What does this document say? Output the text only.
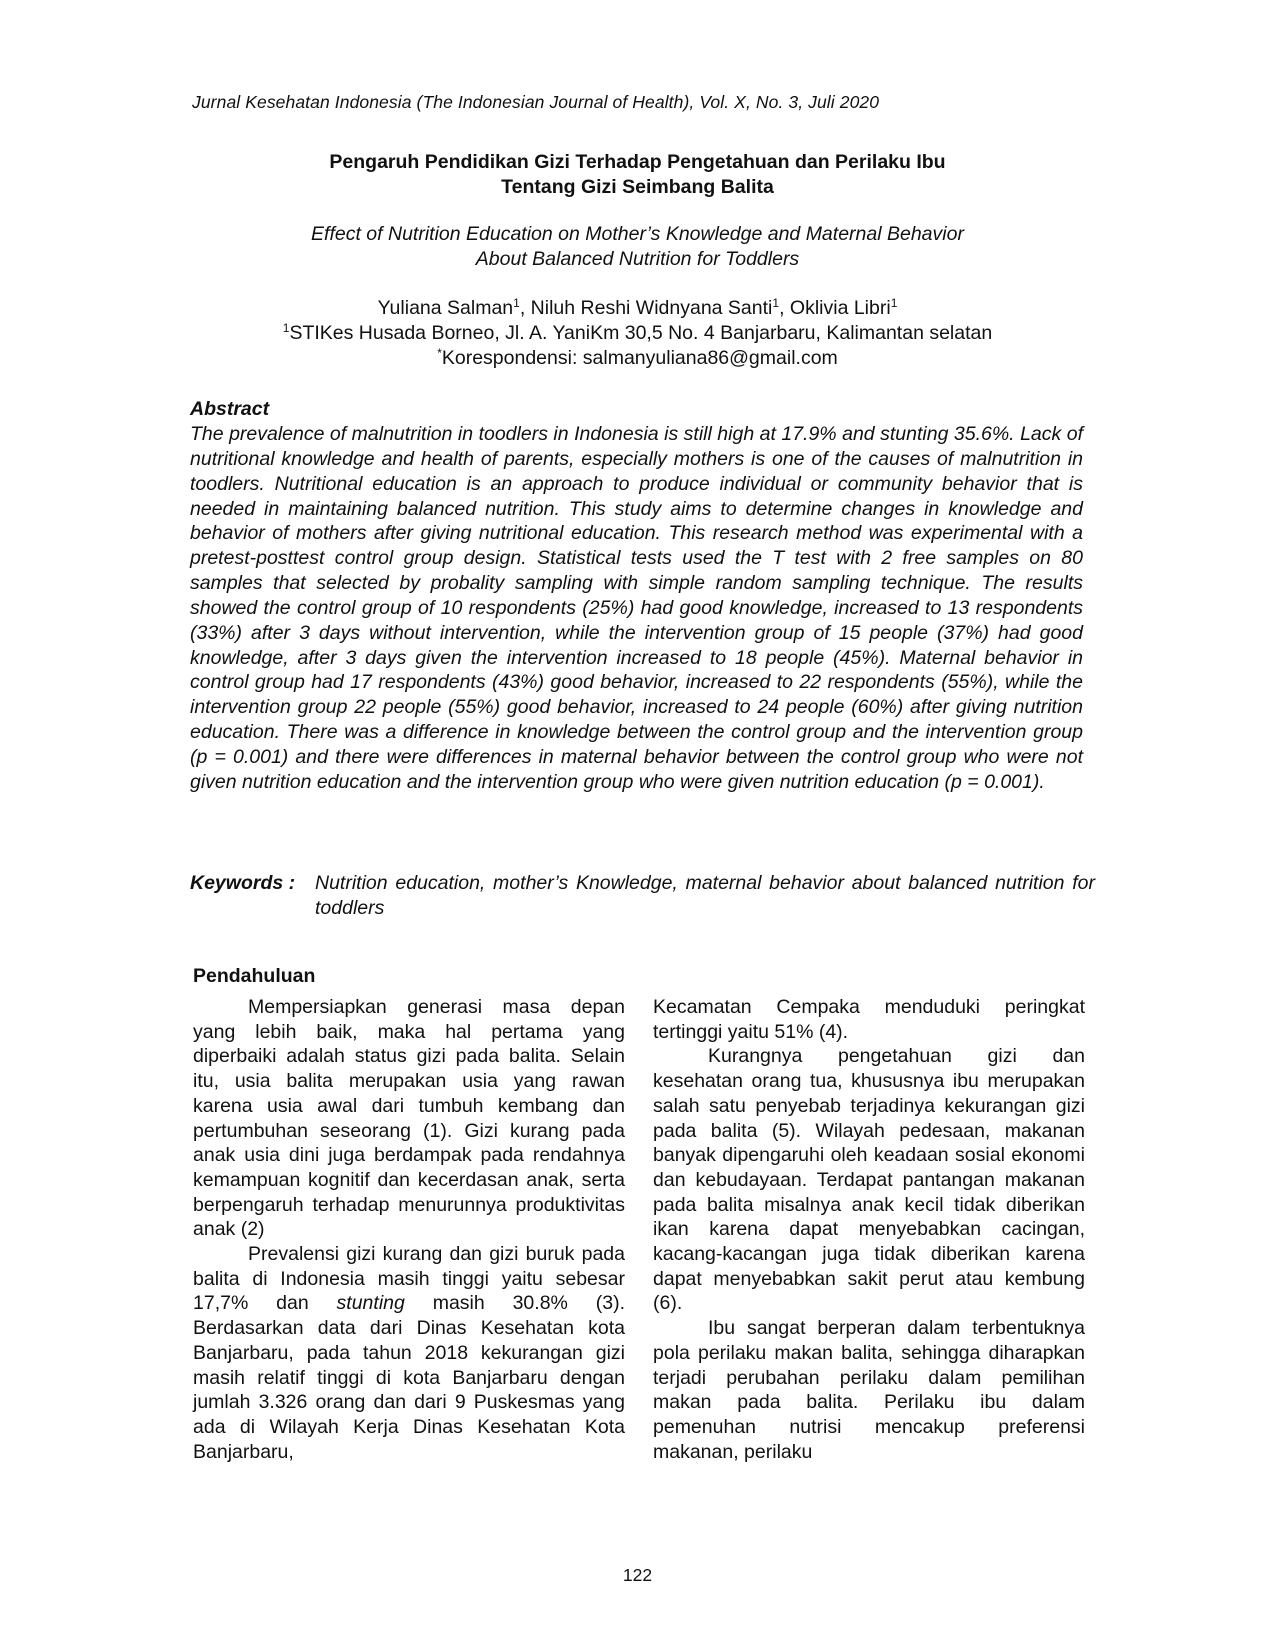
Jurnal Kesehatan Indonesia (The Indonesian Journal of Health), Vol. X, No. 3, Juli 2020

Pengaruh Pendidikan Gizi Terhadap Pengetahuan dan Perilaku Ibu
Tentang Gizi Seimbang Balita

Effect of Nutrition Education on Mother’s Knowledge and Maternal Behavior
About Balanced Nutrition for Toddlers

Yuliana Salman$^1$, Niluh Reshi Widnyana Santi$^1$, Oklivia Libri$^1$
$^1$STIKes Husada Borneo, Jl. A. YaniKm 30,5 No. 4 Banjarbaru, Kalimantan selatan
*Korespondensi: salmanyuliana86@gmail.com

Abstract

The prevalence of malnutrition in toodlers in Indonesia is still high at 17.9% and stunting 35.6%. Lack of nutritional knowledge and health of parents, especially mothers is one of the causes of malnutrition in toodlers. Nutritional education is an approach to produce individual or community behavior that is needed in maintaining balanced nutrition. This study aims to determine changes in knowledge and behavior of mothers after giving nutritional education. This research method was experimental with a pretest-posttest control group design. Statistical tests used the T test with 2 free samples on 80 samples that selected by probality sampling with simple random sampling technique. The results showed the control group of 10 respondents (25%) had good knowledge, increased to 13 respondents (33%) after 3 days without intervention, while the intervention group of 15 people (37%) had good knowledge, after 3 days given the intervention increased to 18 people (45%). Maternal behavior in control group had 17 respondents (43%) good behavior, increased to 22 respondents (55%), while the intervention group 22 people (55%) good behavior, increased to 24 people (60%) after giving nutrition education. There was a difference in knowledge between the control group and the intervention group (p = 0.001) and there were differences in maternal behavior between the control group who were not given nutrition education and the intervention group who were given nutrition education (p = 0.001).

Keywords : Nutrition education, mother’s Knowledge, maternal behavior about balanced nutrition for toddlers
Pendahuluan

Mempersiapkan generasi masa depan yang lebih baik, maka hal pertama yang diperbaiki adalah status gizi pada balita. Selain itu, usia balita merupakan usia yang rawan karena usia awal dari tumbuh kembang dan pertumbuhan seseorang (1). Gizi kurang pada anak usia dini juga berdampak pada rendahnya kemampuan kognitif dan kecerdasan anak, serta berpengaruh terhadap menurunnya produktivitas anak (2)

Prevalensi gizi kurang dan gizi buruk pada balita di Indonesia masih tinggi yaitu sebesar 17,7% dan stunting masih 30.8% (3). Berdasarkan data dari Dinas Kesehatan kota Banjarbaru, pada tahun 2018 kekurangan gizi masih relatif tinggi di kota Banjarbaru dengan jumlah 3.326 orang dan dari 9 Puskesmas yang ada di Wilayah Kerja Dinas Kesehatan Kota Banjarbaru,

Kecamatan Cempaka menduduki peringkat tertinggi yaitu 51% (4).

Kurangnya pengetahuan gizi dan kesehatan orang tua, khususnya ibu merupakan salah satu penyebab terjadinya kekurangan gizi pada balita (5). Wilayah pedesaan, makanan banyak dipengaruhi oleh keadaan sosial ekonomi dan kebudayaan. Terdapat pantangan makanan pada balita misalnya anak kecil tidak diberikan ikan karena dapat menyebabkan cacingan, kacang-kacangan juga tidak diberikan karena dapat menyebabkan sakit perut atau kembung (6).

Ibu sangat berperan dalam terbentuknya pola perilaku makan balita, sehingga diharapkan terjadi perubahan perilaku dalam pemilihan makan pada balita. Perilaku ibu dalam pemenuhan nutrisi mencakup preferensi makanan, perilaku

122
